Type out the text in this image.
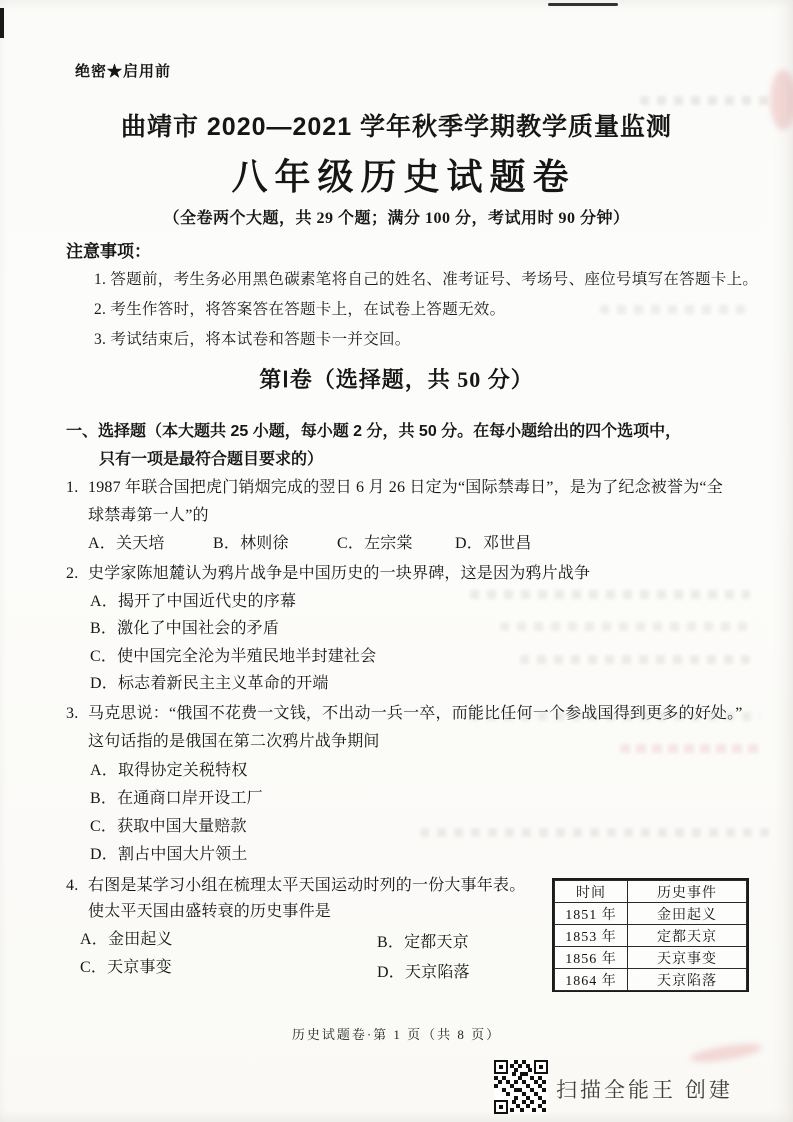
绝密★启用前
曲靖市 2020—2021 学年秋季学期教学质量监测
八年级历史试题卷
（全卷两个大题，共 29 个题；满分 100 分，考试用时 90 分钟）
注意事项：
1. 答题前，考生务必用黑色碳素笔将自己的姓名、准考证号、考场号、座位号填写在答题卡上。
2. 考生作答时，将答案答在答题卡上，在试卷上答题无效。
3. 考试结束后，将本试卷和答题卡一并交回。
第Ⅰ卷（选择题，共 50 分）
一、选择题（本大题共 25 小题，每小题 2 分，共 50 分。在每小题给出的四个选项中，
只有一项是最符合题目要求的）
1. 1987 年联合国把虎门销烟完成的翌日 6 月 26 日定为“国际禁毒日”，是为了纪念被誉为“全
球禁毒第一人”的
A．关天培	B．林则徐	C．左宗棠	D．邓世昌
2. 史学家陈旭麓认为鸦片战争是中国历史的一块界碑，这是因为鸦片战争
A．揭开了中国近代史的序幕
B．激化了中国社会的矛盾
C．使中国完全沦为半殖民地半封建社会
D．标志着新民主主义革命的开端
3. 马克思说：“俄国不花费一文钱，不出动一兵一卒，而能比任何一个参战国得到更多的好处。”
这句话指的是俄国在第二次鸦片战争期间
A．取得协定关税特权
B．在通商口岸开设工厂
C．获取中国大量赔款
D．割占中国大片领土
4. 右图是某学习小组在梳理太平天国运动时列的一份大事年表。
使太平天国由盛转衰的历史事件是
A．金田起义	B．定都天京
C．天京事变	D．天京陷落
时间	历史事件
1851 年	金田起义
1853 年	定都天京
1856 年	天京事变
1864 年	天京陷落
历史试题卷·第 1 页（共 8 页）
扫描全能王 创建
